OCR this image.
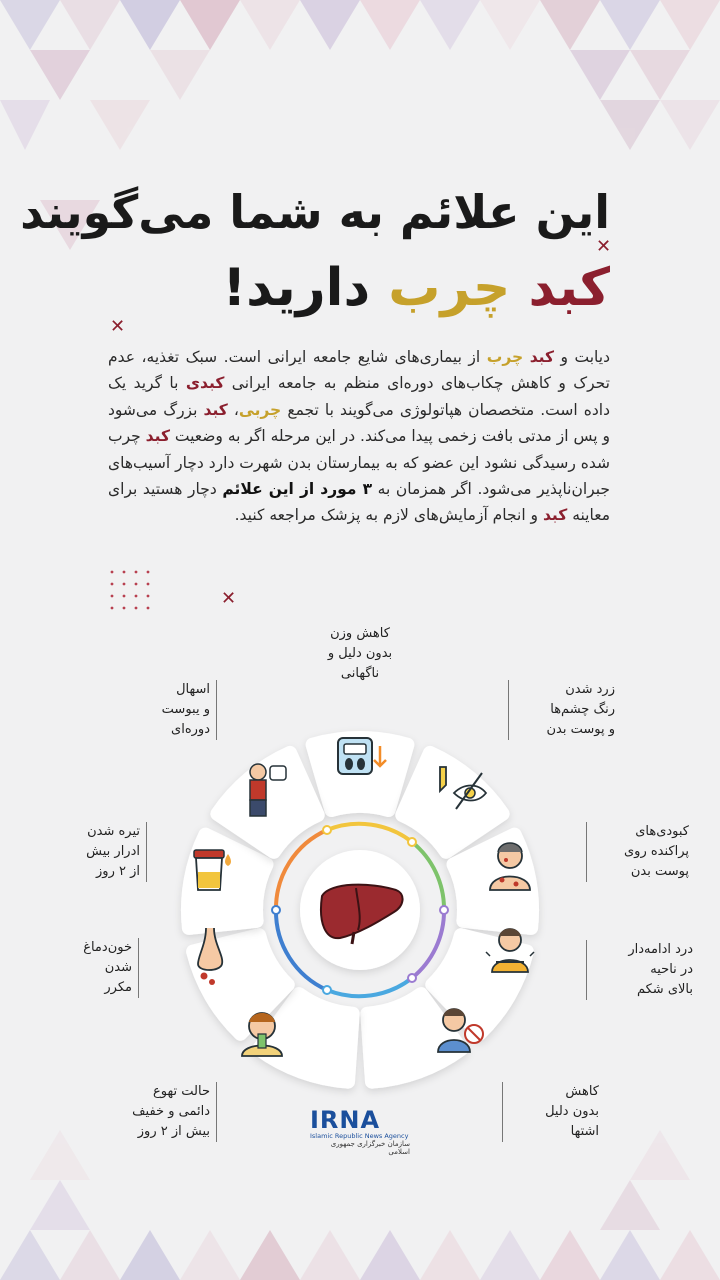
این علائم به شما می‌گویند
کبد چرب دارید!
✕
✕
✕
دیابت و کبد چرب از بیماری‌های شایع جامعه ایرانی است. سبک تغذیه، عدم تحرک و کاهش چکاب‌های دوره‌ای منظم به جامعه ایرانی کبدی با گرید یک داده است. متخصصان هپاتولوژی می‌گویند با تجمع چربی، کبد بزرگ می‌شود و پس از مدتی بافت زخمی پیدا می‌کند. در این مرحله اگر به وضعیت کبد چرب شده رسیدگی نشود این عضو که به بیمارستان بدن شهرت دارد دچار آسیب‌های جبران‌ناپذیر می‌شود. اگر همزمان به ۳ مورد از این علائم دچار هستید برای معاینه کبد و انجام آزمایش‌های لازم به پزشک مراجعه کنید.
کاهش وزن
بدون دلیل و
ناگهانی
زرد شدن
رنگ چشم‌ها
و پوست بدن
کبودی‌های
پراکنده روی
پوست بدن
درد ادامه‌دار
در ناحیه
بالای شکم
کاهش
بدون دلیل
اشتها
حالت تهوع
دائمی و خفیف
بیش از ۲ روز
خون‌دماغ
شدن
مکرر
تیره شدن
ادرار بیش
از ۲ روز
اسهال
و یبوست
دوره‌ای
IRNA
Islamic Republic News Agency
سازمان خبرگزاری جمهوری اسلامی
